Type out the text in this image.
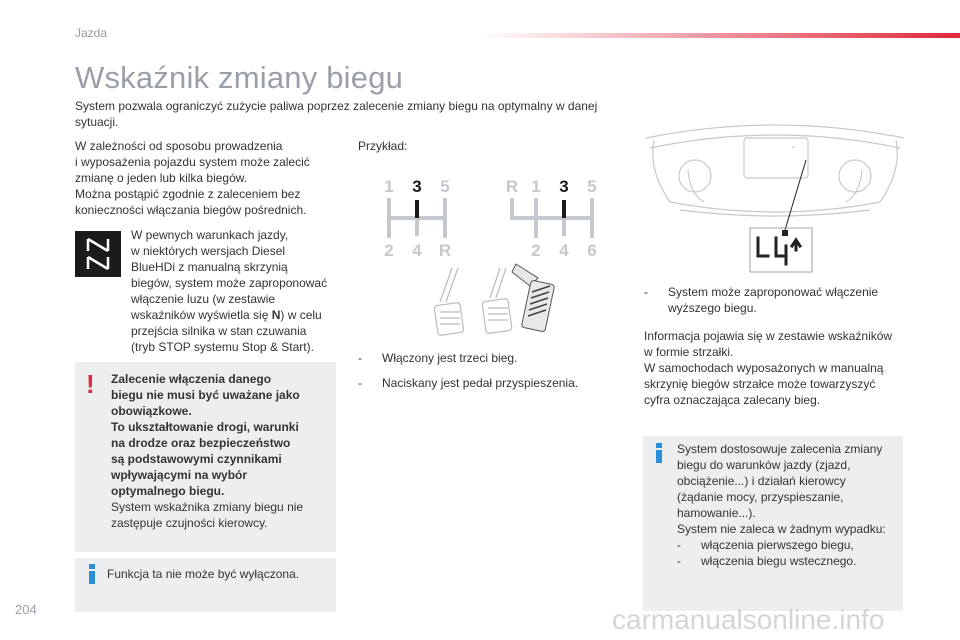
Jazda
Wskaźnik zmiany biegu
System pozwala ograniczyć zużycie paliwa poprzez zalecenie zmiany biegu na optymalny w danej sytuacji.
W zależności od sposobu prowadzenia
i wyposażenia pojazdu system może zalecić
zmianę o jeden lub kilka biegów.
Można postąpić zgodnie z zaleceniem bez
konieczności włączania biegów pośrednich.
W pewnych warunkach jazdy,
w niektórych wersjach Diesel
BlueHDi z manualną skrzynią
biegów, system może zaproponować
włączenie luzu (w zestawie
wskaźników wyświetla się N) w celu
przejścia silnika w stan czuwania
(tryb STOP systemu Stop & Start).
! Zalecenie włączenia danego
biegu nie musi być uważane jako
obowiązkowe.
To ukształtowanie drogi, warunki
na drodze oraz bezpieczeństwo
są podstawowymi czynnikami
wpływającymi na wybór
optymalnego biegu.
System wskaźnika zmiany biegu nie
zastępuje czujności kierowcy.
Funkcja ta nie może być wyłączona.
Przykład:
1 3 5
2 4 R
R 1 3 5
2 4 6
-	Włączony jest trzeci bieg.
-	Naciskany jest pedał przyspieszenia.
^
-	System może zaproponować włączenie
wyższego biegu.
Informacja pojawia się w zestawie wskaźników
w formie strzałki.
W samochodach wyposażonych w manualną
skrzynię biegów strzałce może towarzyszyć
cyfra oznaczająca zalecany bieg.
System dostosowuje zalecenia zmiany
biegu do warunków jazdy (zjazd,
obciążenie...) i działań kierowcy
(żądanie mocy, przyspieszanie,
hamowanie...).
System nie zaleca w żadnym wypadku:
-	włączenia pierwszego biegu,
-	włączenia biegu wstecznego.
204	carmanualsonline.info
